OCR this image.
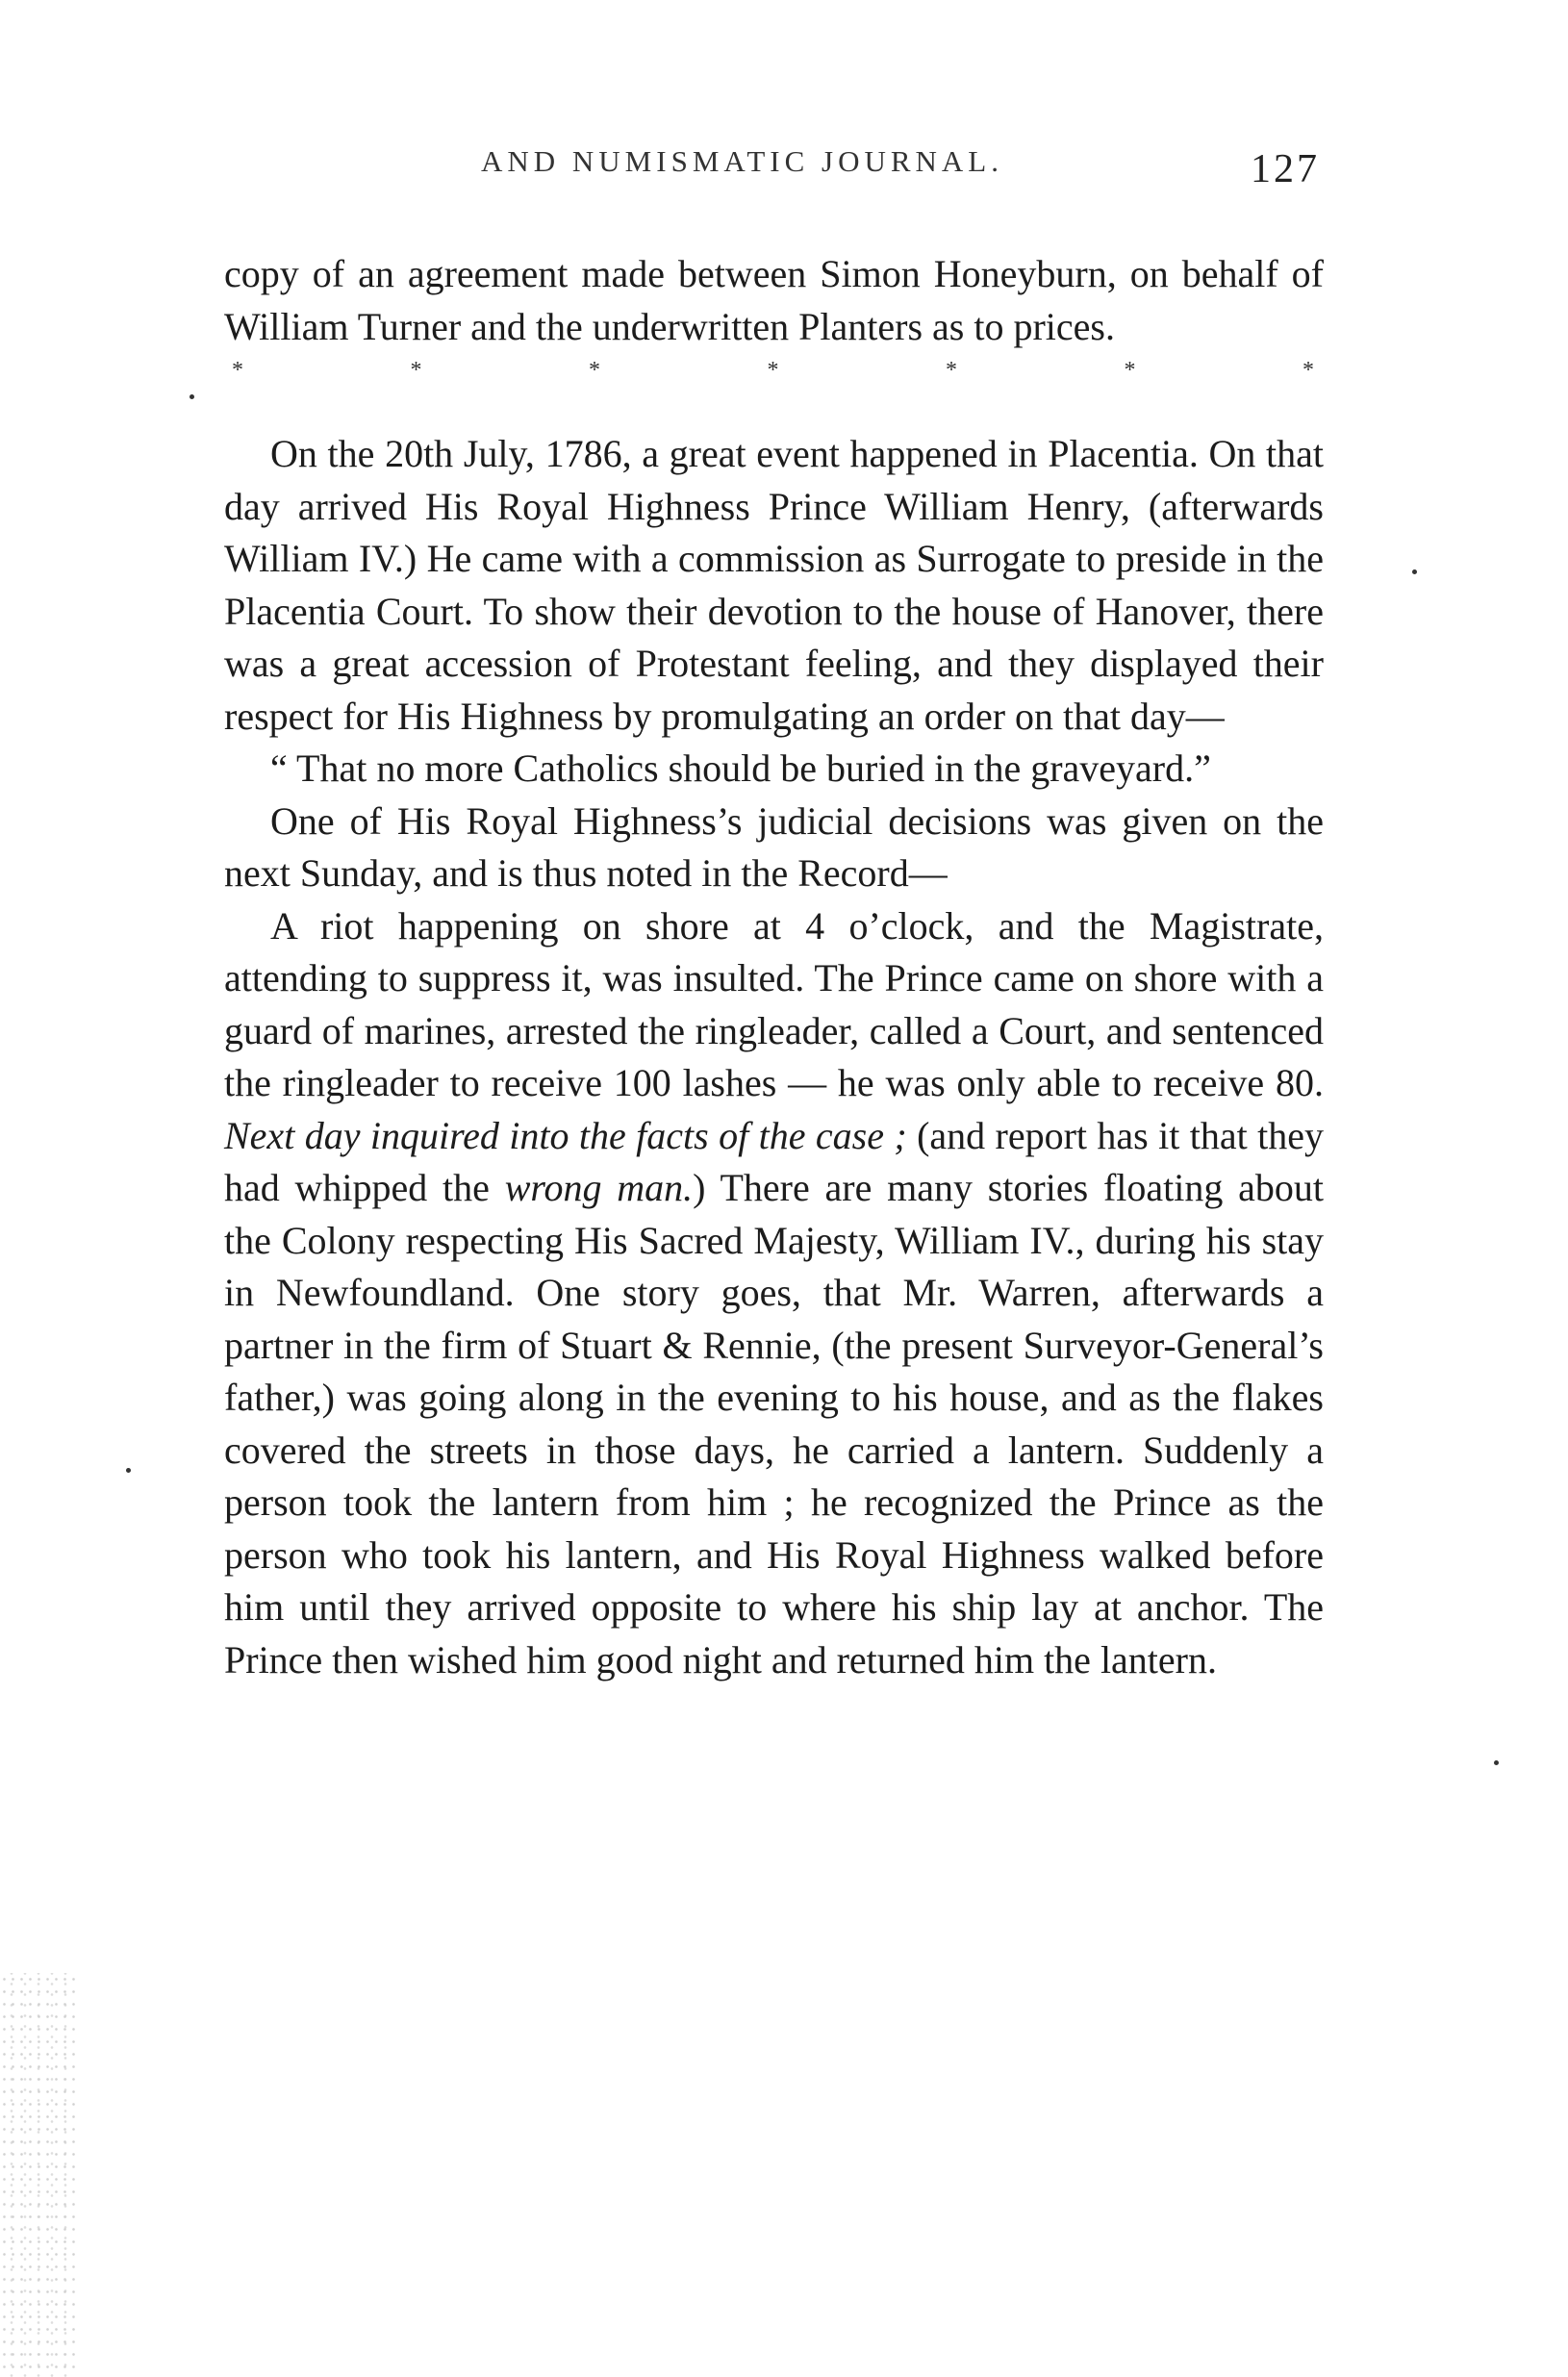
AND NUMISMATIC JOURNAL.	127

copy of an agreement made between Simon Honeyburn, on behalf of William Turner and the underwritten Planters as to prices.

*	*	*	*	*	*	*

On the 20th July, 1786, a great event happened in Placentia. On that day arrived His Royal Highness Prince William Henry, (afterwards William IV.) He came with a commission as Surrogate to preside in the Placentia Court. To show their devotion to the house of Hanover, there was a great accession of Protestant feeling, and they displayed their respect for His Highness by promulgating an order on that day—

“ That no more Catholics should be buried in the graveyard.”

One of His Royal Highness’s judicial decisions was given on the next Sunday, and is thus noted in the Record—

A riot happening on shore at 4 o’clock, and the Magistrate, attending to suppress it, was insulted. The Prince came on shore with a guard of marines, arrested the ringleader, called a Court, and sentenced the ringleader to receive 100 lashes — he was only able to receive 80. Next day inquired into the facts of the case ; (and report has it that they had whipped the wrong man.) There are many stories floating about the Colony respecting His Sacred Majesty, William IV., during his stay in Newfoundland. One story goes, that Mr. Warren, afterwards a partner in the firm of Stuart & Rennie, (the present Surveyor-General’s father,) was going along in the evening to his house, and as the flakes covered the streets in those days, he carried a lantern. Suddenly a person took the lantern from him ; he recognized the Prince as the person who took his lantern, and His Royal Highness walked before him until they arrived opposite to where his ship lay at anchor. The Prince then wished him good night and returned him the lantern.
